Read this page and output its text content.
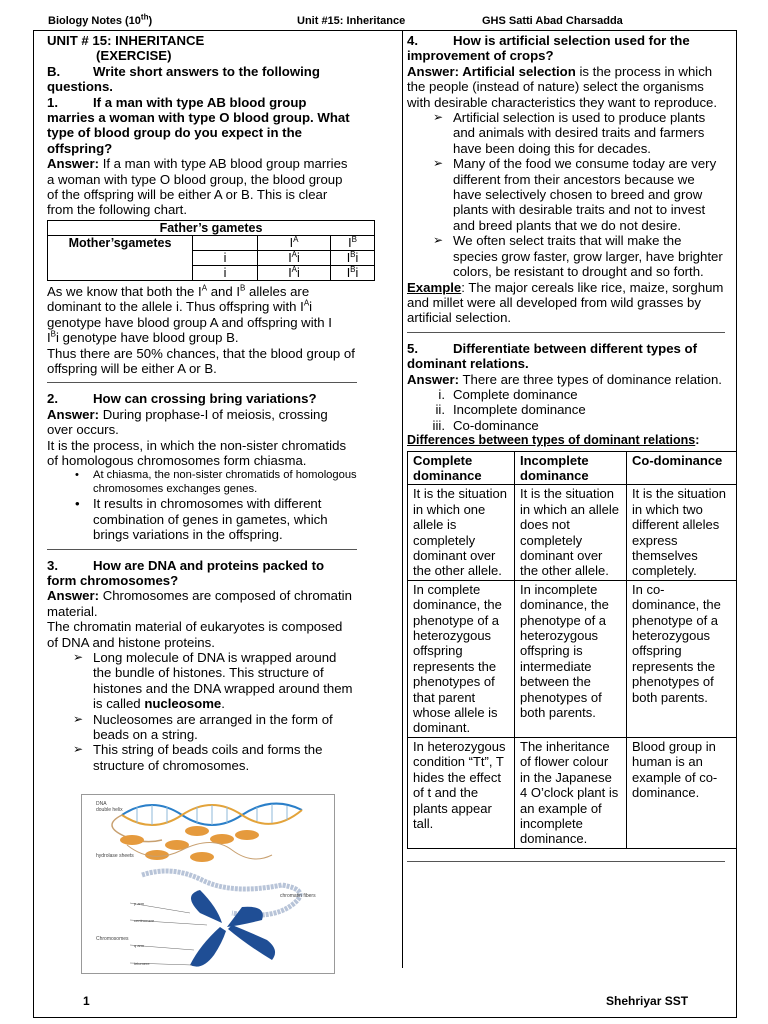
Biology Notes (10th)	Unit #15: Inheritance	GHS Satti Abad Charsadda

UNIT # 15: INHERITANCE

(EXERCISE)

B. Write short answers to the following questions.

1.	If a man with type AB blood group marries a woman with type O blood group. What type of blood group do you expect in the offspring?

Answer: If a man with type AB blood group marries a woman with type O blood group, the blood group of the offspring will be either A or B. This is clear from the following chart.

Father’s gametes			
Mother’sgametes		$I^A$	$I^B$
	i	$I^Ai$	$I^Bi$
	i	$I^Ai$	$I^Bi$

As we know that both the $I^A$ and $I^B$ alleles are dominant to the allele i. Thus offspring with $I^Ai$ genotype have blood group A and offspring with I
$I^Bi$ genotype have blood group B.

Thus there are 50% chances, that the blood group of offspring will be either A or B.

2.	How can crossing bring variations?

Answer: During prophase-I of meiosis, crossing over occurs.

It is the process, in which the non-sister chromatids of homologous chromosomes form chiasma.

• At chiasma, the non-sister chromatids of homologous chromosomes exchanges genes.
• It results in chromosomes with different combination of genes in gametes, which brings variations in the offspring.

3.	How are DNA and proteins packed to form chromosomes?

Answer: Chromosomes are composed of chromatin material.

The chromatin material of eukaryotes is composed of DNA and histone proteins.

➢ Long molecule of DNA is wrapped around the bundle of histones. This structure of histones and the DNA wrapped around them is called nucleosome.
➢ Nucleosomes are arranged in the form of beads on a string.
➢ This string of beads coils and forms the structure of chromosomes.
DNA
double helix
hydrolase sheets
chromatin fibers
Chromosomes
p arm
centromere
q arm
telomere

4.	How is artificial selection used for the improvement of crops?

Answer: Artificial selection is the process in which the people (instead of nature) select the organisms with desirable characteristics they want to reproduce.

➢ Artificial selection is used to produce plants and animals with desired traits and farmers have been doing this for decades.
➢ Many of the food we consume today are very different from their ancestors because we have selectively chosen to breed and grow plants with desirable traits and not to invest and breed plants that we do not desire.
➢ We often select traits that will make the species grow faster, grow larger, have brighter colors, be resistant to drought and so forth.

Example: The major cereals like rice, maize, sorghum and millet were all developed from wild grasses by artificial selection.

5.	Differentiate between different types of dominant relations.

Answer: There are three types of dominance relation.

i. Complete dominance
ii. Incomplete dominance
iii. Co-dominance

Differences between types of dominant relations:

Complete dominance	Incomplete dominance	Co-dominance
It is the situation in which one allele is completely dominant over the other allele.	It is the situation in which an allele does not completely dominant over the other allele.	It is the situation in which two different alleles express themselves completely.
In complete dominance, the phenotype of a heterozygous offspring represents the phenotypes of that parent whose allele is dominant.	In incomplete dominance, the phenotype of a heterozygous offspring is intermediate between the phenotypes of both parents.	In co-dominance, the phenotype of a heterozygous offspring represents the phenotypes of both parents.
In heterozygous condition “Tt”, T hides the effect of t and the plants appear tall.	The inheritance of flower colour in the Japanese 4 O’clock plant is an example of incomplete dominance.	Blood group in human is an example of co-dominance.
1	Shehriyar SST
